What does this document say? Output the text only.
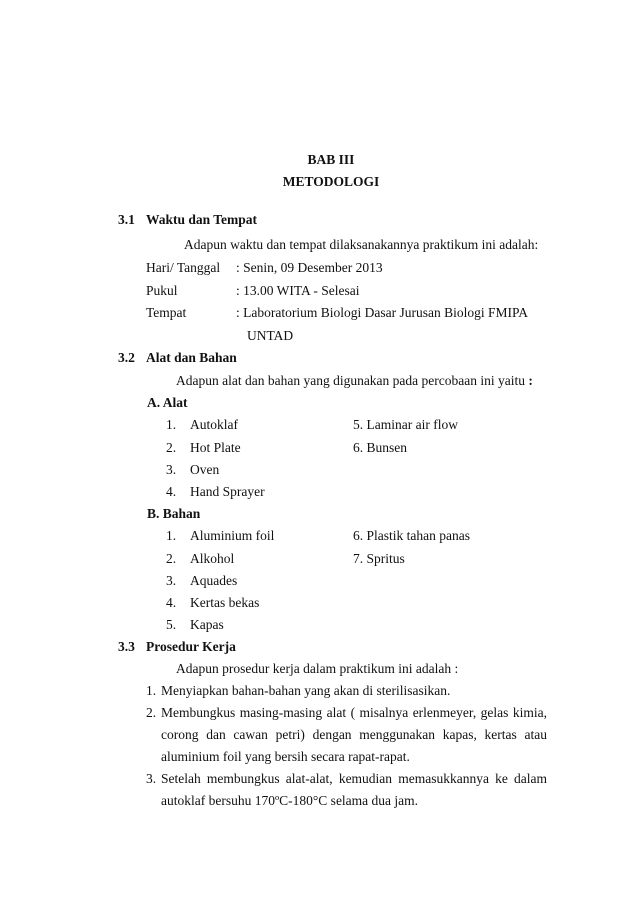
BAB III
METODOLOGI
3.1 Waktu dan Tempat
Adapun waktu dan tempat dilaksanakannya praktikum ini adalah:
Hari/ Tanggal : Senin, 09 Desember 2013
Pukul	: 13.00 WITA - Selesai
Tempat	: Laboratorium Biologi Dasar Jurusan Biologi FMIPA
UNTAD
3.2 Alat dan Bahan
Adapun alat dan bahan yang digunakan pada percobaan ini yaitu :
A. Alat
1. Autoklaf
2. Hot Plate
3. Oven
4. Hand Sprayer
5. Laminar air flow
6. Bunsen
B. Bahan
1. Aluminium foil
2. Alkohol
3. Aquades
4. Kertas bekas
5. Kapas
6. Plastik tahan panas
7. Spritus
3.3 Prosedur Kerja
Adapun prosedur kerja dalam praktikum ini adalah :
1. Menyiapkan bahan-bahan yang akan di sterilisasikan.
2. Membungkus masing-masing alat ( misalnya erlenmeyer, gelas kimia,
corong dan cawan petri) dengan menggunakan kapas, kertas atau
aluminium foil yang bersih secara rapat-rapat.
3. Setelah membungkus alat-alat, kemudian memasukkannya ke dalam
autoklaf bersuhu 170ºC-180°C selama dua jam.
